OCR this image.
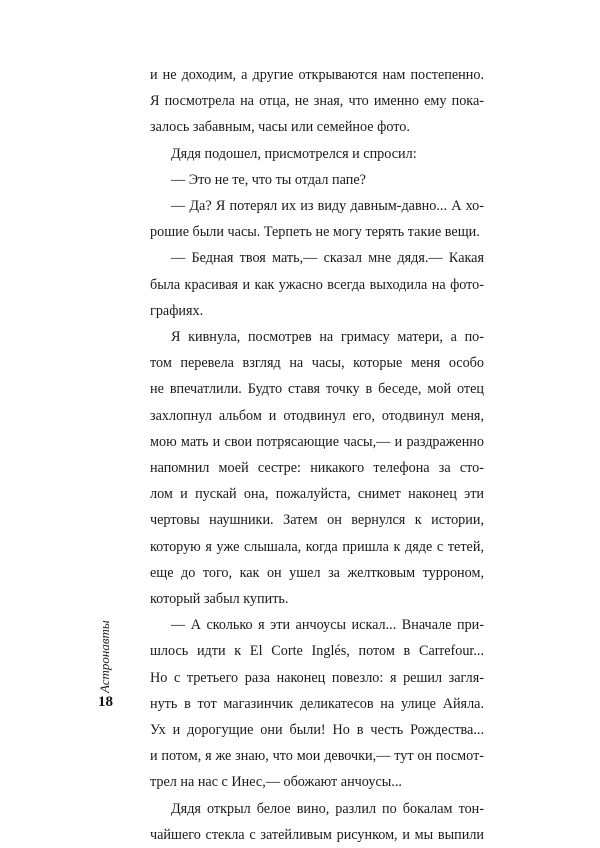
и не доходим, а другие открываются нам постепенно.

Я посмотрела на отца, не зная, что именно ему пока-

залось забавным, часы или семейное фото.

Дядя подошел, присмотрелся и спросил:

— Это не те, что ты отдал папе?

— Да? Я потерял их из виду давным-давно... А хо-

рошие были часы. Терпеть не могу терять такие вещи.

— Бедная твоя мать,— сказал мне дядя.— Какая

была красивая и как ужасно всегда выходила на фото-

графиях.

Я кивнула, посмотрев на гримасу матери, а по-

том перевела взгляд на часы, которые меня особо

не впечатлили. Будто ставя точку в беседе, мой отец

захлопнул альбом и отодвинул его, отодвинул меня,

мою мать и свои потрясающие часы,— и раздраженно

напомнил моей сестре: никакого телефона за сто-

лом и пускай она, пожалуйста, снимет наконец эти

чертовы наушники. Затем он вернулся к истории,

которую я уже слышала, когда пришла к дяде с тетей,

еще до того, как он ушел за желтковым турроном,

который забыл купить.

— А сколько я эти анчоусы искал... Вначале при-

шлось идти к El Corte Inglés, потом в Carrefour...

Но с третьего раза наконец повезло: я решил загля-

нуть в тот магазинчик деликатесов на улице Айяла.

Ух и дорогущие они были! Но в честь Рождества...

и потом, я же знаю, что мои девочки,— тут он посмот-

трел на нас с Инес,— обожают анчоусы...

Дядя открыл белое вино, разлил по бокалам тон-

чайшего стекла с затейливым рисунком, и мы выпили

Астронавты
18
